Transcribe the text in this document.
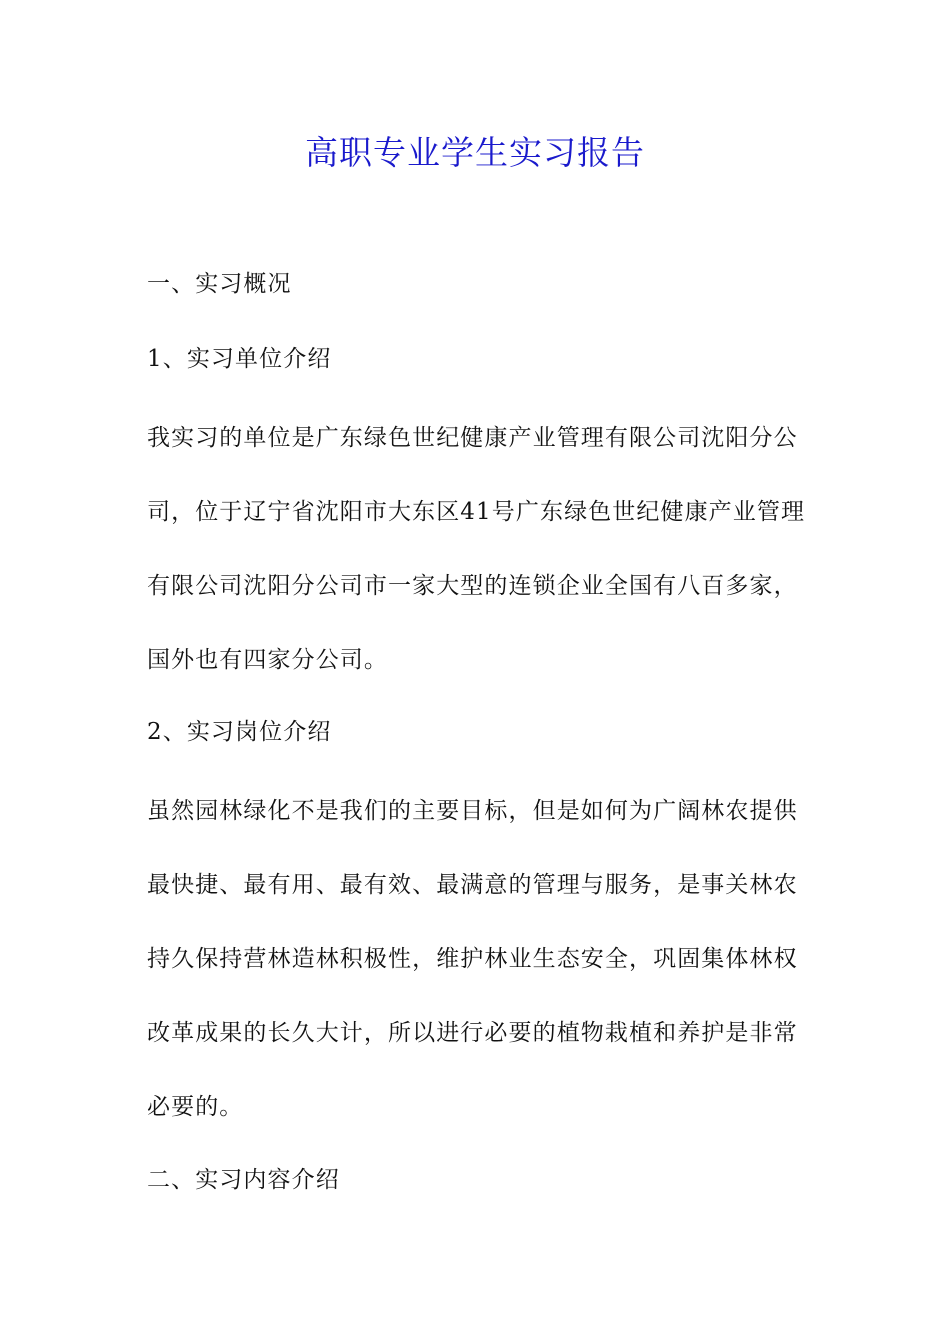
高职专业学生实习报告
一、实习概况
1、实习单位介绍

我实习的单位是广东绿色世纪健康产业管理有限公司沈阳分公

司，位于辽宁省沈阳市大东区41号广东绿色世纪健康产业管理

有限公司沈阳分公司市一家大型的连锁企业全国有八百多家，

国外也有四家分公司。

2、实习岗位介绍

虽然园林绿化不是我们的主要目标，但是如何为广阔林农提供

最快捷、最有用、最有效、最满意的管理与服务，是事关林农

持久保持营林造林积极性，维护林业生态安全，巩固集体林权

改革成果的长久大计，所以进行必要的植物栽植和养护是非常

必要的。

二、实习内容介绍
